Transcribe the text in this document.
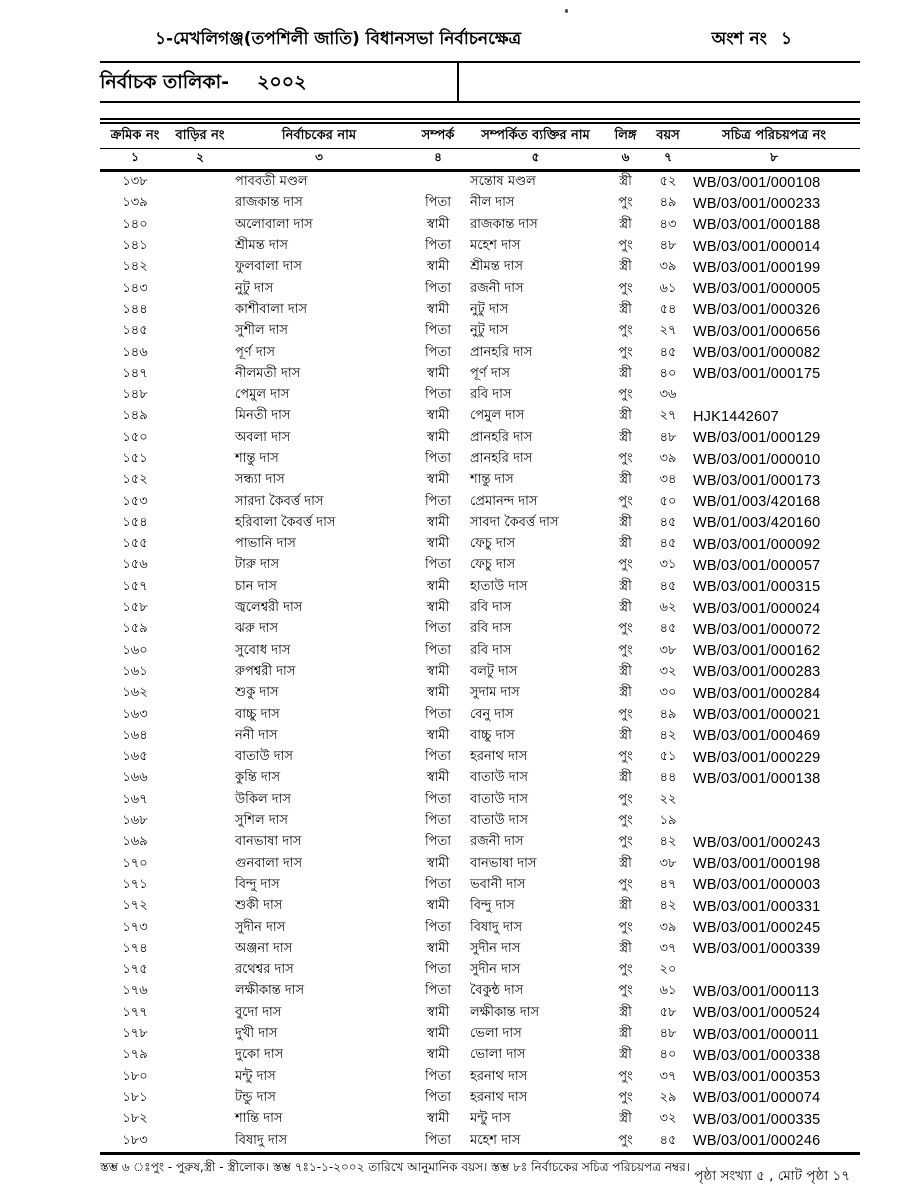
১-মেখলিগঞ্জ(তপশিলী জাতি) বিধানসভা নির্বাচনক্ষেত্র	অংশ নং ১
নির্বাচক তালিকা- ২০০২
ক্রমিক নং	বাড়ির নং	নির্বাচকের নাম	সম্পর্ক	সম্পর্কিত ব্যক্তির নাম	লিঙ্গ	বয়স	সচিত্র পরিচয়পত্র নং
১	২	৩	৪	৫	৬	৭	৮
১৩৮		পাববতী মণ্ডল		সন্তোষ মণ্ডল	স্ত্রী	৫২	WB/03/001/000108
১৩৯		রাজকান্ত দাস	পিতা	নীল দাস	পুং	৪৯	WB/03/001/000233
১৪০		অলোবালা দাস	স্বামী	রাজকান্ত দাস	স্ত্রী	৪৩	WB/03/001/000188
১৪১		শ্রীমন্ত দাস	পিতা	মহেশ দাস	পুং	৪৮	WB/03/001/000014
১৪২		ফুলবালা দাস	স্বামী	শ্রীমন্ত দাস	স্ত্রী	৩৯	WB/03/001/000199
১৪৩		নুটু দাস	পিতা	রজনী দাস	পুং	৬১	WB/03/001/000005
১৪৪		কাশীবালা দাস	স্বামী	নুটু দাস	স্ত্রী	৫৪	WB/03/001/000326
১৪৫		সুশীল দাস	পিতা	নুটু দাস	পুং	২৭	WB/03/001/000656
১৪৬		পূর্ণ দাস	পিতা	প্রানহরি দাস	পুং	৪৫	WB/03/001/000082
১৪৭		নীলমতী দাস	স্বামী	পূর্ণ দাস	স্ত্রী	৪০	WB/03/001/000175
১৪৮		পেমুল দাস	পিতা	রবি দাস	পুং	৩৬	
১৪৯		মিনতী দাস	স্বামী	পেমুল দাস	স্ত্রী	২৭	HJK1442607
১৫০		অবলা দাস	স্বামী	প্রানহরি দাস	স্ত্রী	৪৮	WB/03/001/000129
১৫১		শান্তু দাস	পিতা	প্রানহরি দাস	পুং	৩৯	WB/03/001/000010
১৫২		সন্ধ্যা দাস	স্বামী	শান্তু দাস	স্ত্রী	৩৪	WB/03/001/000173
১৫৩		সারদা কৈবর্ত্ত দাস	পিতা	প্রেমানন্দ দাস	পুং	৫০	WB/01/003/420168
১৫৪		হরিবালা কৈবর্ত্ত দাস	স্বামী	সাবদা কৈবর্ত্ত দাস	স্ত্রী	৪৫	WB/01/003/420160
১৫৫		পাভানি দাস	স্বামী	ফেচু দাস	স্ত্রী	৪৫	WB/03/001/000092
১৫৬		টারু দাস	পিতা	ফেচু দাস	পুং	৩১	WB/03/001/000057
১৫৭		চান দাস	স্বামী	হাতাউ দাস	স্ত্রী	৪৫	WB/03/001/000315
১৫৮		জ্বলেশ্বরী দাস	স্বামী	রবি দাস	স্ত্রী	৬২	WB/03/001/000024
১৫৯		ঝরু দাস	পিতা	রবি দাস	পুং	৪৫	WB/03/001/000072
১৬০		সুবোধ দাস	পিতা	রবি দাস	পুং	৩৮	WB/03/001/000162
১৬১		রুপশ্বরী দাস	স্বামী	বলটু দাস	স্ত্রী	৩২	WB/03/001/000283
১৬২		শুকু দাস	স্বামী	সুদাম দাস	স্ত্রী	৩০	WB/03/001/000284
১৬৩		বাচ্চু দাস	পিতা	বেনু দাস	পুং	৪৯	WB/03/001/000021
১৬৪		ননী দাস	স্বামী	বাচ্চু দাস	স্ত্রী	৪২	WB/03/001/000469
১৬৫		বাতাউ দাস	পিতা	হরনাথ দাস	পুং	৫১	WB/03/001/000229
১৬৬		কুন্তি দাস	স্বামী	বাতাউ দাস	স্ত্রী	৪৪	WB/03/001/000138
১৬৭		উকিল দাস	পিতা	বাতাউ দাস	পুং	২২	
১৬৮		সুশিল দাস	পিতা	বাতাউ দাস	পুং	১৯	
১৬৯		বানভাষা দাস	পিতা	রজনী দাস	পুং	৪২	WB/03/001/000243
১৭০		গুনবালা দাস	স্বামী	বানভাষা দাস	স্ত্রী	৩৮	WB/03/001/000198
১৭১		বিন্দু দাস	পিতা	ভবানী দাস	পুং	৪৭	WB/03/001/000003
১৭২		শুকী দাস	স্বামী	বিন্দু দাস	স্ত্রী	৪২	WB/03/001/000331
১৭৩		সুদীন দাস	পিতা	বিষাদু দাস	পুং	৩৯	WB/03/001/000245
১৭৪		অঞ্জনা দাস	স্বামী	সুদীন দাস	স্ত্রী	৩৭	WB/03/001/000339
১৭৫		রথেশ্বর দাস	পিতা	সুদীন দাস	পুং	২০	
১৭৬		লক্ষীকান্ত দাস	পিতা	বৈকুন্ঠ দাস	পুং	৬১	WB/03/001/000113
১৭৭		বুদো দাস	স্বামী	লক্ষীকান্ত দাস	স্ত্রী	৫৮	WB/03/001/000524
১৭৮		দুখী দাস	স্বামী	ভেলা দাস	স্ত্রী	৪৮	WB/03/001/000011
১৭৯		দুকো দাস	স্বামী	ভোলা দাস	স্ত্রী	৪০	WB/03/001/000338
১৮০		মন্টু দাস	পিতা	হরনাথ দাস	পুং	৩৭	WB/03/001/000353
১৮১		টন্ডু দাস	পিতা	হরনাথ দাস	পুং	২৯	WB/03/001/000074
১৮২		শান্তি দাস	স্বামী	মন্টু দাস	স্ত্রী	৩২	WB/03/001/000335
১৮৩		বিষাদু দাস	পিতা	মহেশ দাস	পুং	৪৫	WB/03/001/000246
স্তম্ভ ৬ ঃপুং - পুরুষ,স্ত্রী - স্ত্রীলোক। স্তম্ভ ৭ঃ১-১-২০০২ তারিখে আনুমানিক বয়স। স্তম্ভ ৮ঃ নির্বাচকের সচিত্র পরিচয়পত্র নম্বর।
পৃষ্ঠা সংখ্যা ৫ , মোট পৃষ্ঠা ১৭
